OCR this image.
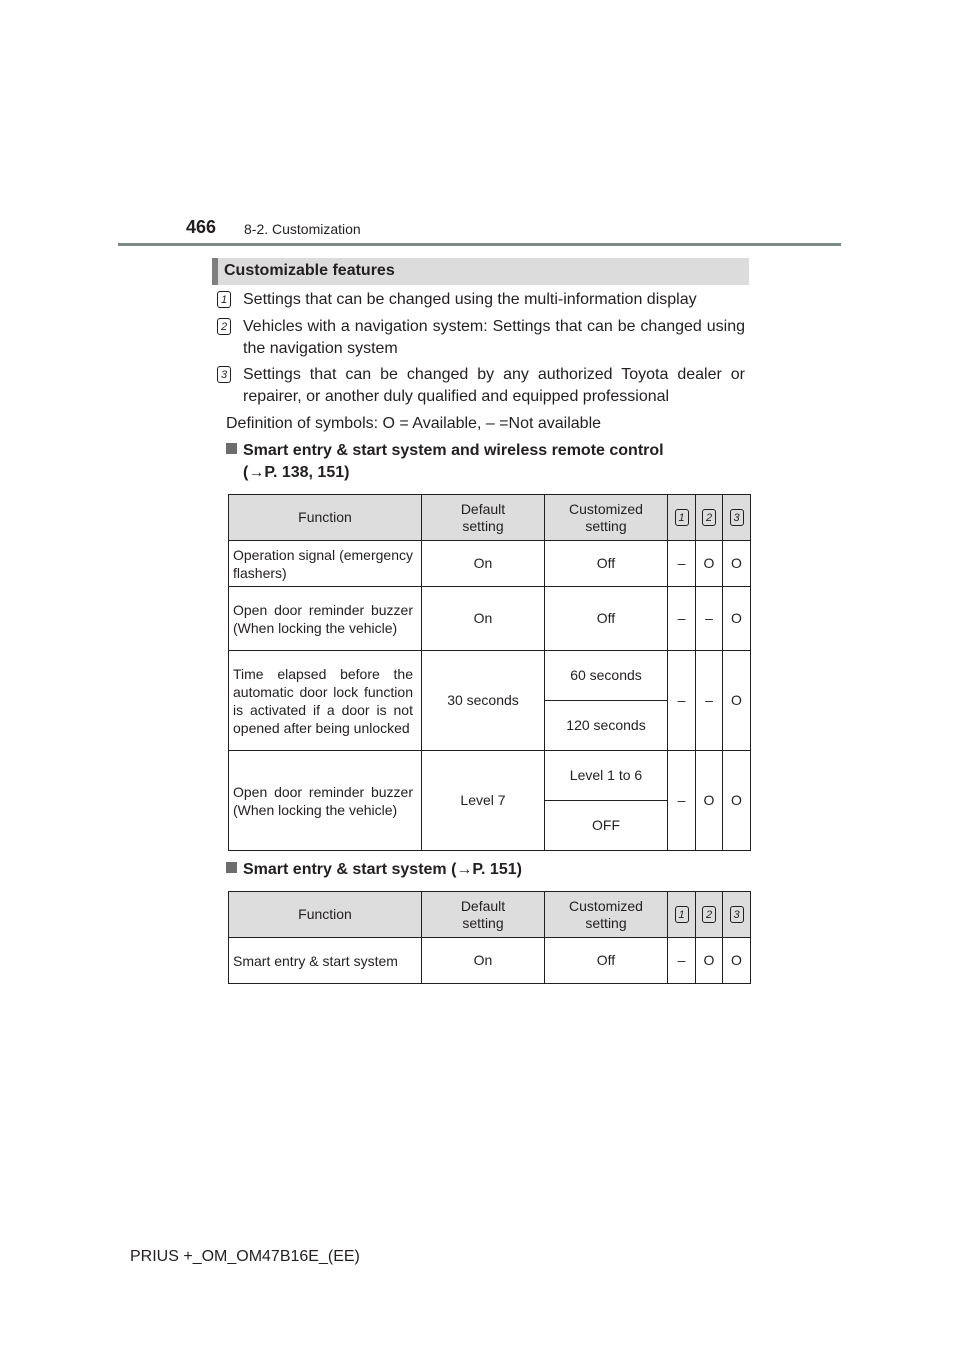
466 8-2. Customization
Customizable features
1 Settings that can be changed using the multi-information display
2 Vehicles with a navigation system: Settings that can be changed using the navigation system
3 Settings that can be changed by any authorized Toyota dealer or repairer, or another duly qualified and equipped professional
Definition of symbols: O = Available, – =Not available
Smart entry & start system and wireless remote control
(→P. 138, 151)
Function	Default setting	Customized setting	1	2	3

Operation signal (emergency flashers)	On	Off	–	O	O
Open door reminder buzzer (When locking the vehicle)	On	Off	–	–	O
Time elapsed before the automatic door lock function is activated if a door is not opened after being unlocked	30 seconds	60 seconds	–	–	O
		120 seconds			
Open door reminder buzzer (When locking the vehicle)	Level 7	Level 1 to 6	–	O	O
		OFF			
Smart entry & start system (→P. 151)
Function	Default setting	Customized setting	1	2	3

Smart entry & start system	On	Off	–	O	O
PRIUS +_OM_OM47B16E_(EE)
